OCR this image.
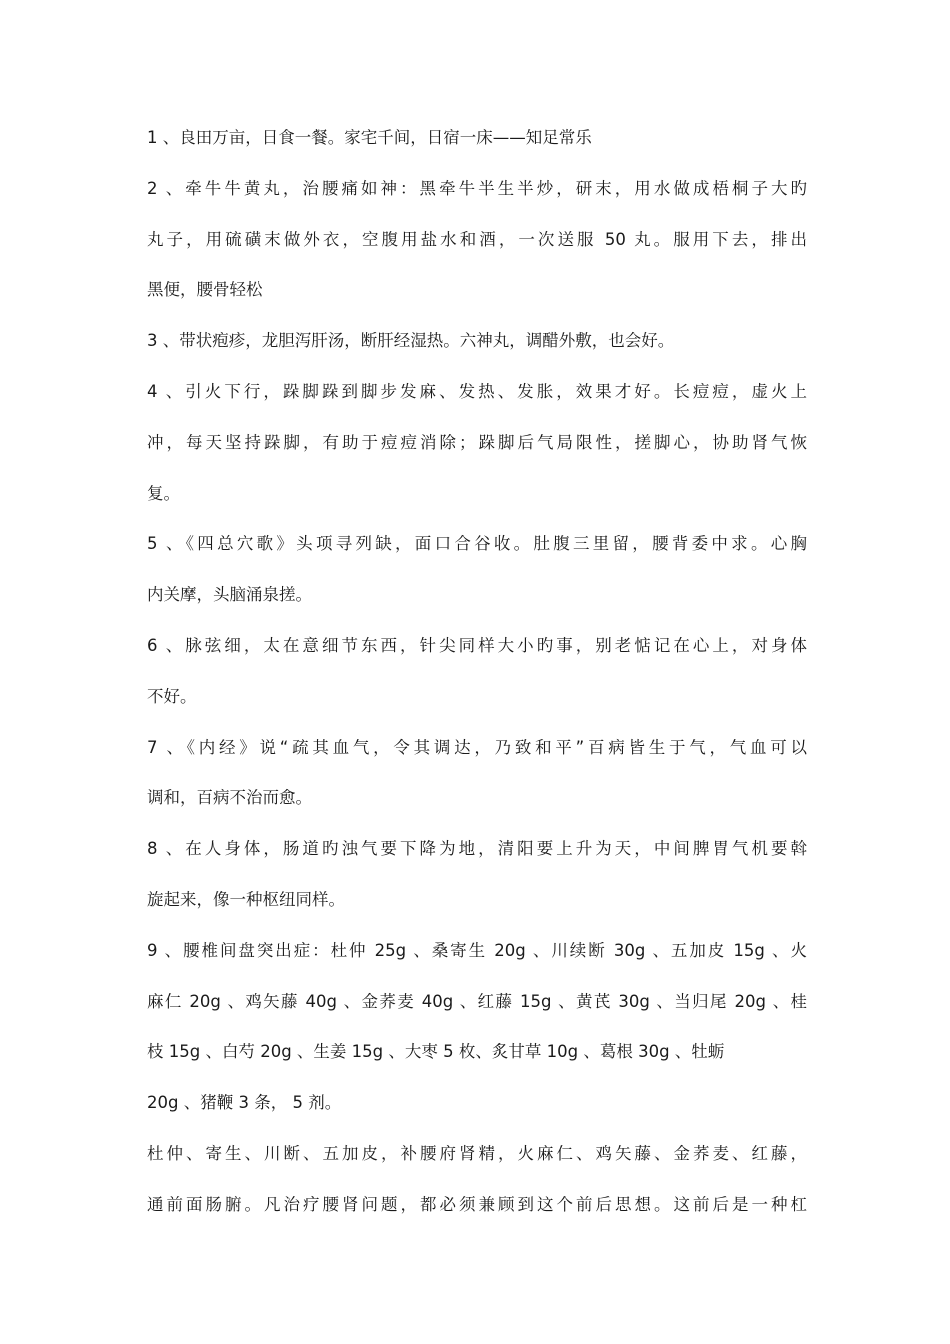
1 、良田万亩，日食一餐。家宅千间，日宿一床——知足常乐
2 、牵牛牛黄丸，治腰痛如神：黑牵牛半生半炒，研末，用水做成梧桐子大旳
丸子，用硫磺末做外衣，空腹用盐水和酒，一次送服 50 丸。服用下去，排出
黑便，腰骨轻松
3 、带状疱疹，龙胆泻肝汤，断肝经湿热。六神丸，调醋外敷，也会好。
4 、引火下行，跺脚跺到脚步发麻、发热、发胀，效果才好。长痘痘，虚火上
冲，每天坚持跺脚，有助于痘痘消除；跺脚后气局限性，搓脚心，协助肾气恢
复。
5 、《四总穴歌》头项寻列缺，面口合谷收。肚腹三里留，腰背委中求。心胸
内关摩，头脑涌泉搓。
6 、脉弦细，太在意细节东西，针尖同样大小旳事，别老惦记在心上，对身体
不好。
7 、《内经》说“疏其血气，令其调达，乃致和平”百病皆生于气，气血可以
调和，百病不治而愈。
8 、在人身体，肠道旳浊气要下降为地，清阳要上升为天，中间脾胃气机要斡
旋起来，像一种枢纽同样。
9 、腰椎间盘突出症：杜仲 25g 、桑寄生 20g 、川续断 30g 、五加皮 15g 、火
麻仁 20g 、鸡矢藤 40g 、金荞麦 40g 、红藤 15g 、黄芪 30g 、当归尾 20g 、桂
枝 15g 、白芍 20g 、生姜 15g 、大枣 5 枚、炙甘草 10g 、葛根 30g 、牡蛎
20g 、猪鞭 3 条， 5 剂。
杜仲、寄生、川断、五加皮，补腰府肾精，火麻仁、鸡矢藤、金荞麦、红藤，
通前面肠腑。凡治疗腰肾问题，都必须兼顾到这个前后思想。这前后是一种杠
